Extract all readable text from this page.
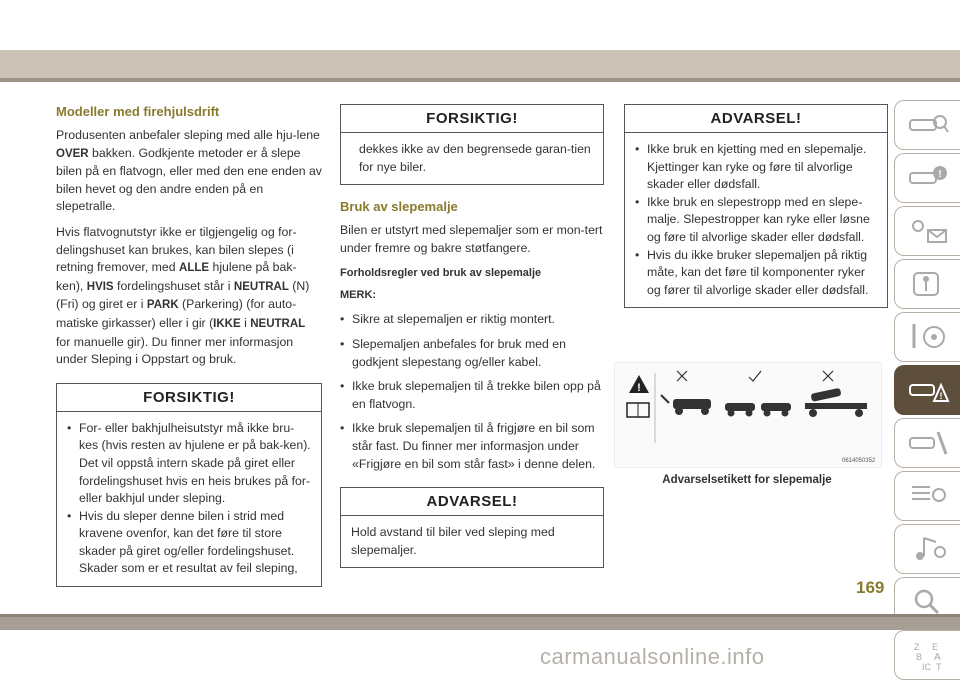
Modeller med firehjulsdrift

Produsenten anbefaler sleping med alle hju-lene OVER bakken. Godkjente metoder er å slepe bilen på en flatvogn, eller med den ene enden av bilen hevet og den andre enden på en slepetralle.

Hvis flatvognutstyr ikke er tilgjengelig og for-delingshuset kan brukes, kan bilen slepes (i retning fremover, med ALLE hjulene på bak-ken), HVIS fordelingshuset står i NEUTRAL (N) (Fri) og giret er i PARK (Parkering) (for auto-matiske girkasser) eller i gir (IKKE i NEUTRAL for manuelle gir). Du finner mer informasjon under Sleping i Oppstart og bruk.

FORSIKTIG!
• For- eller bakhjulheisutstyr må ikke bru-kes (hvis resten av hjulene er på bak-ken). Det vil oppstå intern skade på giret eller fordelingshuset hvis en heis brukes på for- eller bakhjul under sleping.
• Hvis du sleper denne bilen i strid med kravene ovenfor, kan det føre til store skader på giret og/eller fordelingshuset. Skader som er et resultat av feil sleping,
FORSIKTIG!

dekkes ikke av den begrensede garan-tien for nye biler.

Bruk av slepemalje

Bilen er utstyrt med slepemaljer som er mon-tert under fremre og bakre støtfangere.

Forholdsregler ved bruk av slepemalje

MERK:

• Sikre at slepemaljen er riktig montert.
• Slepemaljen anbefales for bruk med en godkjent slepestang og/eller kabel.
• Ikke bruk slepemaljen til å trekke bilen opp på en flatvogn.
• Ikke bruk slepemaljen til å frigjøre en bil som står fast. Du finner mer informasjon under «Frigjøre en bil som står fast» i denne delen.
ADVARSEL!

Hold avstand til biler ved sleping med slepemaljer.

ADVARSEL!
• Ikke bruk en kjetting med en slepemalje. Kjettinger kan ryke og føre til alvorlige skader eller dødsfall.
• Ikke bruk en slepestropp med en slepe-malje. Slepestropper kan ryke eller løsne og føre til alvorlige skader eller dødsfall.
• Hvis du ikke bruker slepemaljen på riktig måte, kan det føre til komponenter ryker og fører til alvorlige skader eller dødsfall.
!
0614050352
Advarselsetikett for slepemalje
!
!
Z E
B A
IC T
169
carmanualsonline.info
